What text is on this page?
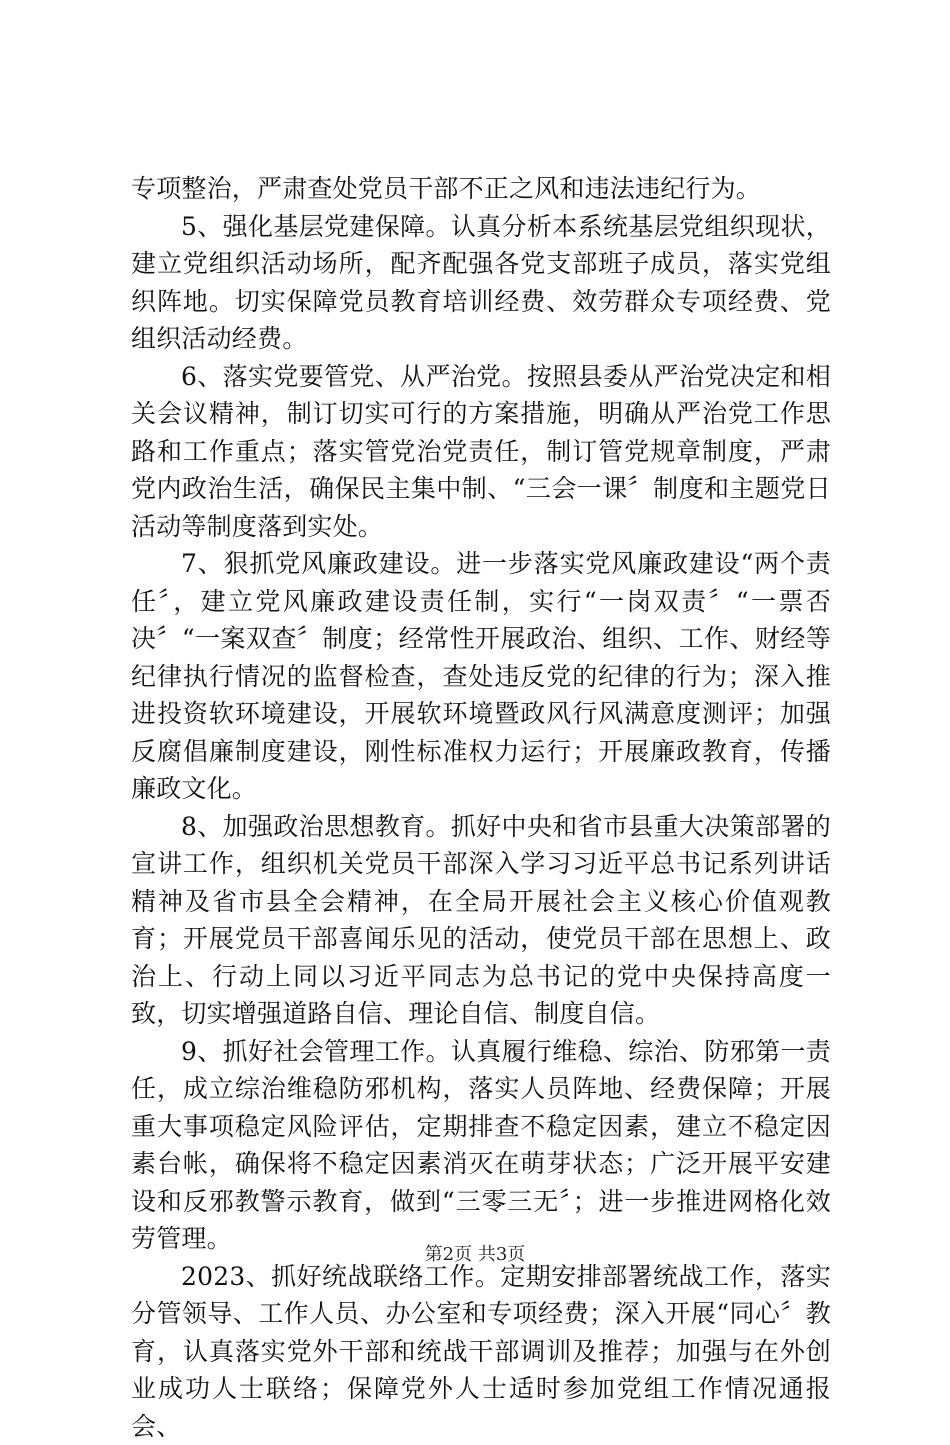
专项整治，严肃查处党员干部不正之风和违法违纪行为。

5、强化基层党建保障。认真分析本系统基层党组织现状，建立党组织活动场所，配齐配强各党支部班子成员，落实党组织阵地。切实保障党员教育培训经费、效劳群众专项经费、党组织活动经费。

6、落实党要管党、从严治党。按照县委从严治党决定和相关会议精神，制订切实可行的方案措施，明确从严治党工作思路和工作重点；落实管党治党责任，制订管党规章制度，严肃党内政治生活，确保民主集中制、“三会一课〞制度和主题党日活动等制度落到实处。

7、狠抓党风廉政建设。进一步落实党风廉政建设“两个责任〞，建立党风廉政建设责任制，实行“一岗双责〞“一票否决〞“一案双查〞制度；经常性开展政治、组织、工作、财经等纪律执行情况的监督检查，查处违反党的纪律的行为；深入推进投资软环境建设，开展软环境暨政风行风满意度测评；加强反腐倡廉制度建设，刚性标准权力运行；开展廉政教育，传播廉政文化。

8、加强政治思想教育。抓好中央和省市县重大决策部署的宣讲工作，组织机关党员干部深入学习习近平总书记系列讲话精神及省市县全会精神，在全局开展社会主义核心价值观教育；开展党员干部喜闻乐见的活动，使党员干部在思想上、政治上、行动上同以习近平同志为总书记的党中央保持高度一致，切实增强道路自信、理论自信、制度自信。

9、抓好社会管理工作。认真履行维稳、综治、防邪第一责任，成立综治维稳防邪机构，落实人员阵地、经费保障；开展重大事项稳定风险评估，定期排查不稳定因素，建立不稳定因素台帐，确保将不稳定因素消灭在萌芽状态；广泛开展平安建设和反邪教警示教育，做到“三零三无〞；进一步推进网格化效劳管理。

2023、抓好统战联络工作。定期安排部署统战工作，落实分管领导、工作人员、办公室和专项经费；深入开展“同心〞教育，认真落实党外干部和统战干部调训及推荐；加强与在外创业成功人士联络；保障党外人士适时参加党组工作情况通报会、

第2页 共3页
